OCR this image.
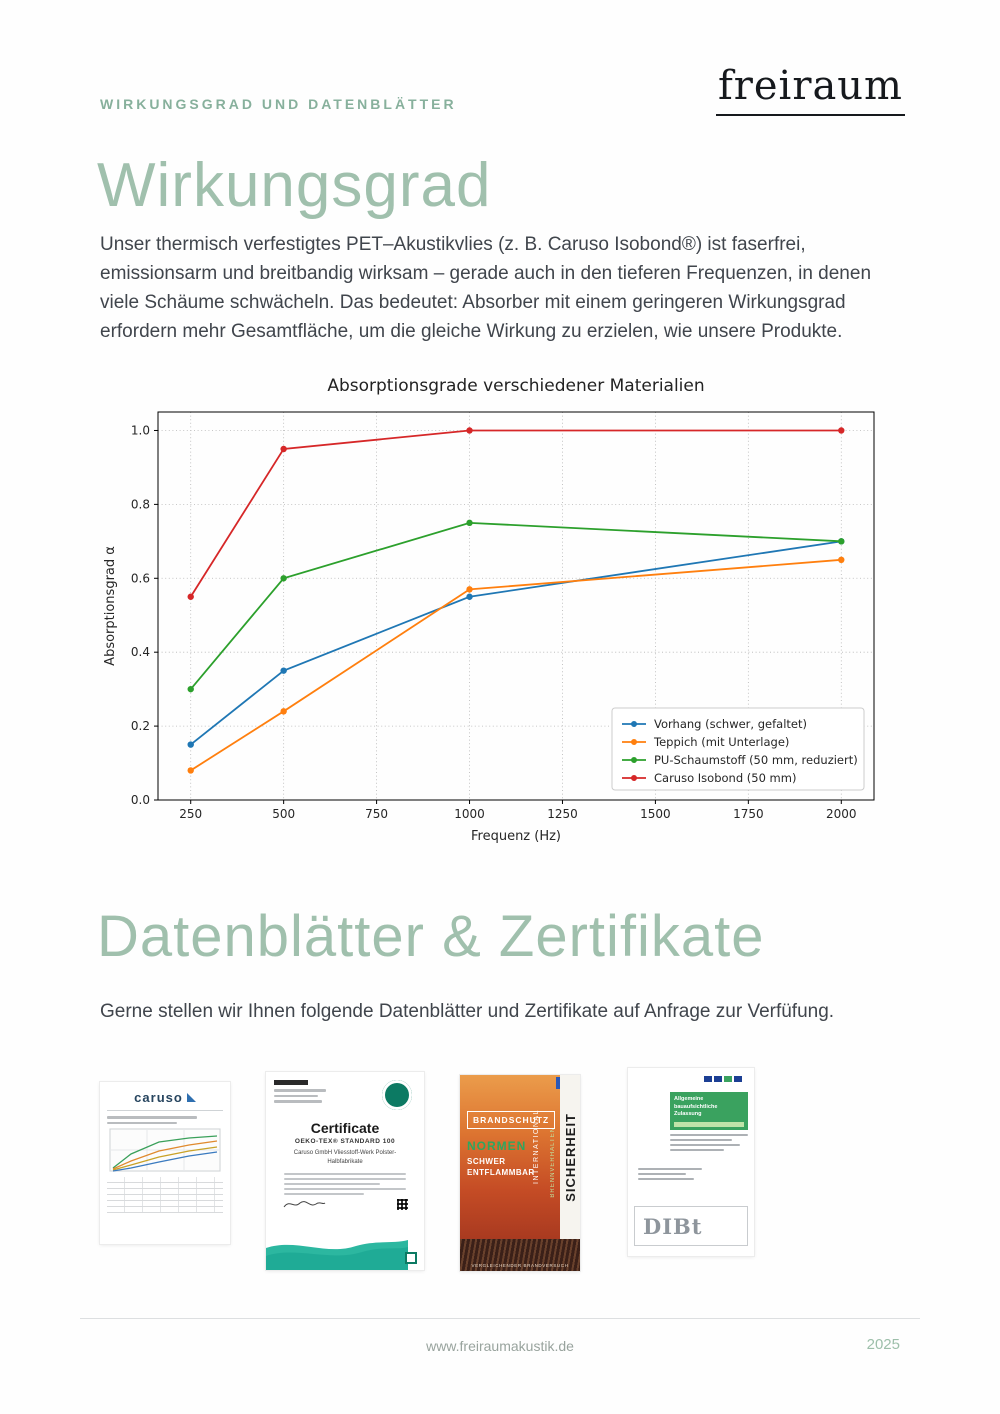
WIRKUNGSGRAD UND DATENBLÄTTER	freiraum
Wirkungsgrad

Unser thermisch verfestigtes PET–Akustikvlies (z. B. Caruso Isobond®) ist faserfrei, emissionsarm und breitbandig wirksam – gerade auch in den tieferen Frequenzen, in denen viele Schäume schwächeln. Das bedeutet: Absorber mit einem geringeren Wirkungsgrad erfordern mehr Gesamtfläche, um die gleiche Wirkung zu erzielen, wie unsere Produkte.

Absorptionsgrade verschiedener Materialien
250	500	750	1000	1250	1500	1750	2000
0.0
0.2
0.4
0.6
0.8
1.0
Frequenz (Hz)
Absorptionsgrad α
Vorhang (schwer, gefaltet)
Teppich (mit Unterlage)
PU-Schaumstoff (50 mm, reduziert)
Caruso Isobond (50 mm)
Datenblätter & Zertifikate

Gerne stellen wir Ihnen folgende Datenblätter und Zertifikate auf Anfrage zur Verfüfung.

caruso
Certificate
OEKO-TEX® STANDARD 100
Caruso GmbH Vliesstoff-Werk Polster-
Halbfabrikate	SICHERHEIT
INTERNATIONAL BRENNVERHALTEN
BRANDSCHUTZ
NORMEN
SCHWER
ENTFLAMMBAR
VERGLEICHENDER BRANDVERSUCH
Allgemeine bauaufsichtliche Zulassung
DIBt
www.freiraumakustik.de	2025
